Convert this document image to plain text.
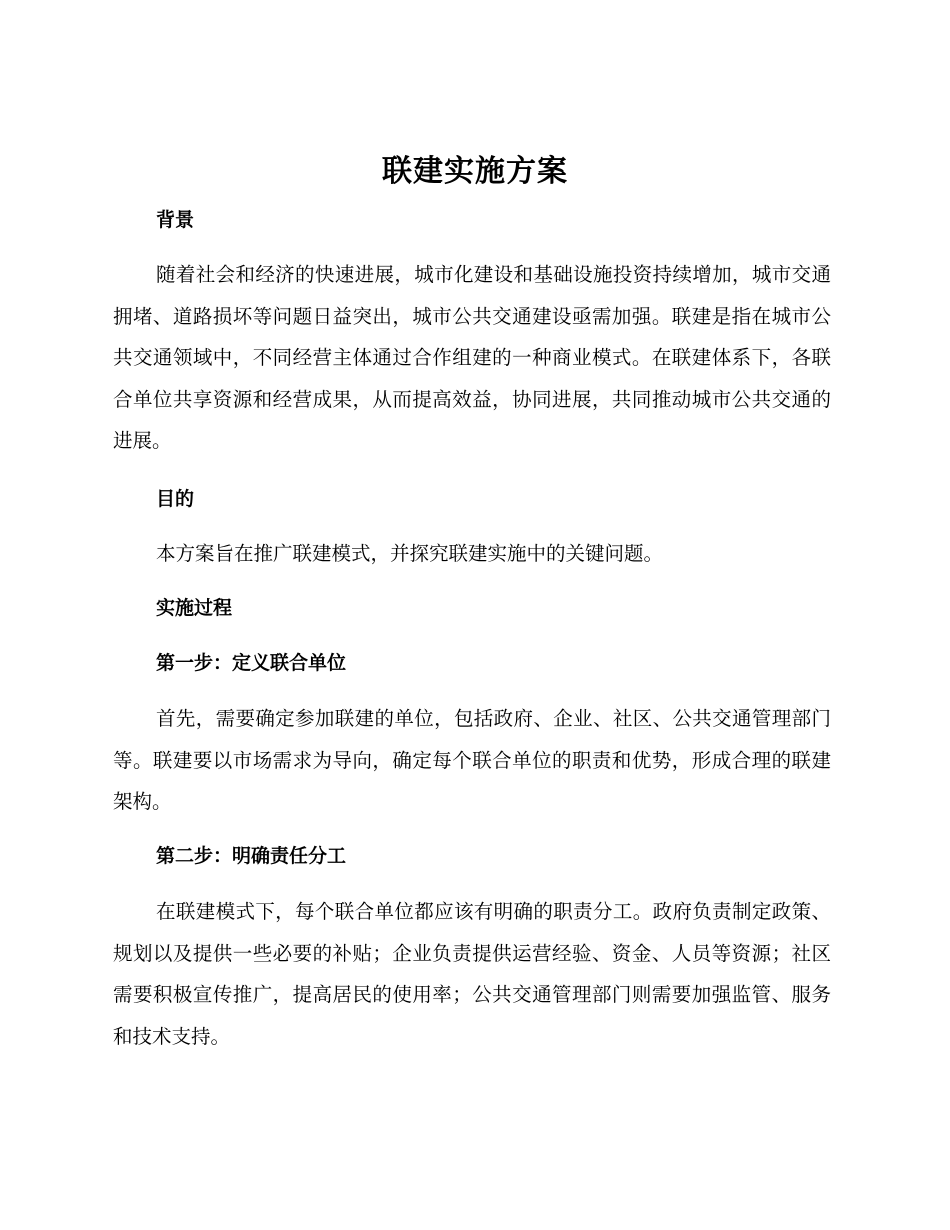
联建实施方案
背景

随着社会和经济的快速进展，城市化建设和基础设施投资持续增加，城市交通拥堵、道路损坏等问题日益突出，城市公共交通建设亟需加强。联建是指在城市公共交通领域中，不同经营主体通过合作组建的一种商业模式。在联建体系下，各联合单位共享资源和经营成果，从而提高效益，协同进展，共同推动城市公共交通的进展。

目的

本方案旨在推广联建模式，并探究联建实施中的关键问题。

实施过程
第一步：定义联合单位

首先，需要确定参加联建的单位，包括政府、企业、社区、公共交通管理部门等。联建要以市场需求为导向，确定每个联合单位的职责和优势，形成合理的联建架构。

第二步：明确责任分工

在联建模式下，每个联合单位都应该有明确的职责分工。政府负责制定政策、规划以及提供一些必要的补贴；企业负责提供运营经验、资金、人员等资源；社区需要积极宣传推广，提高居民的使用率；公共交通管理部门则需要加强监管、服务和技术支持。
